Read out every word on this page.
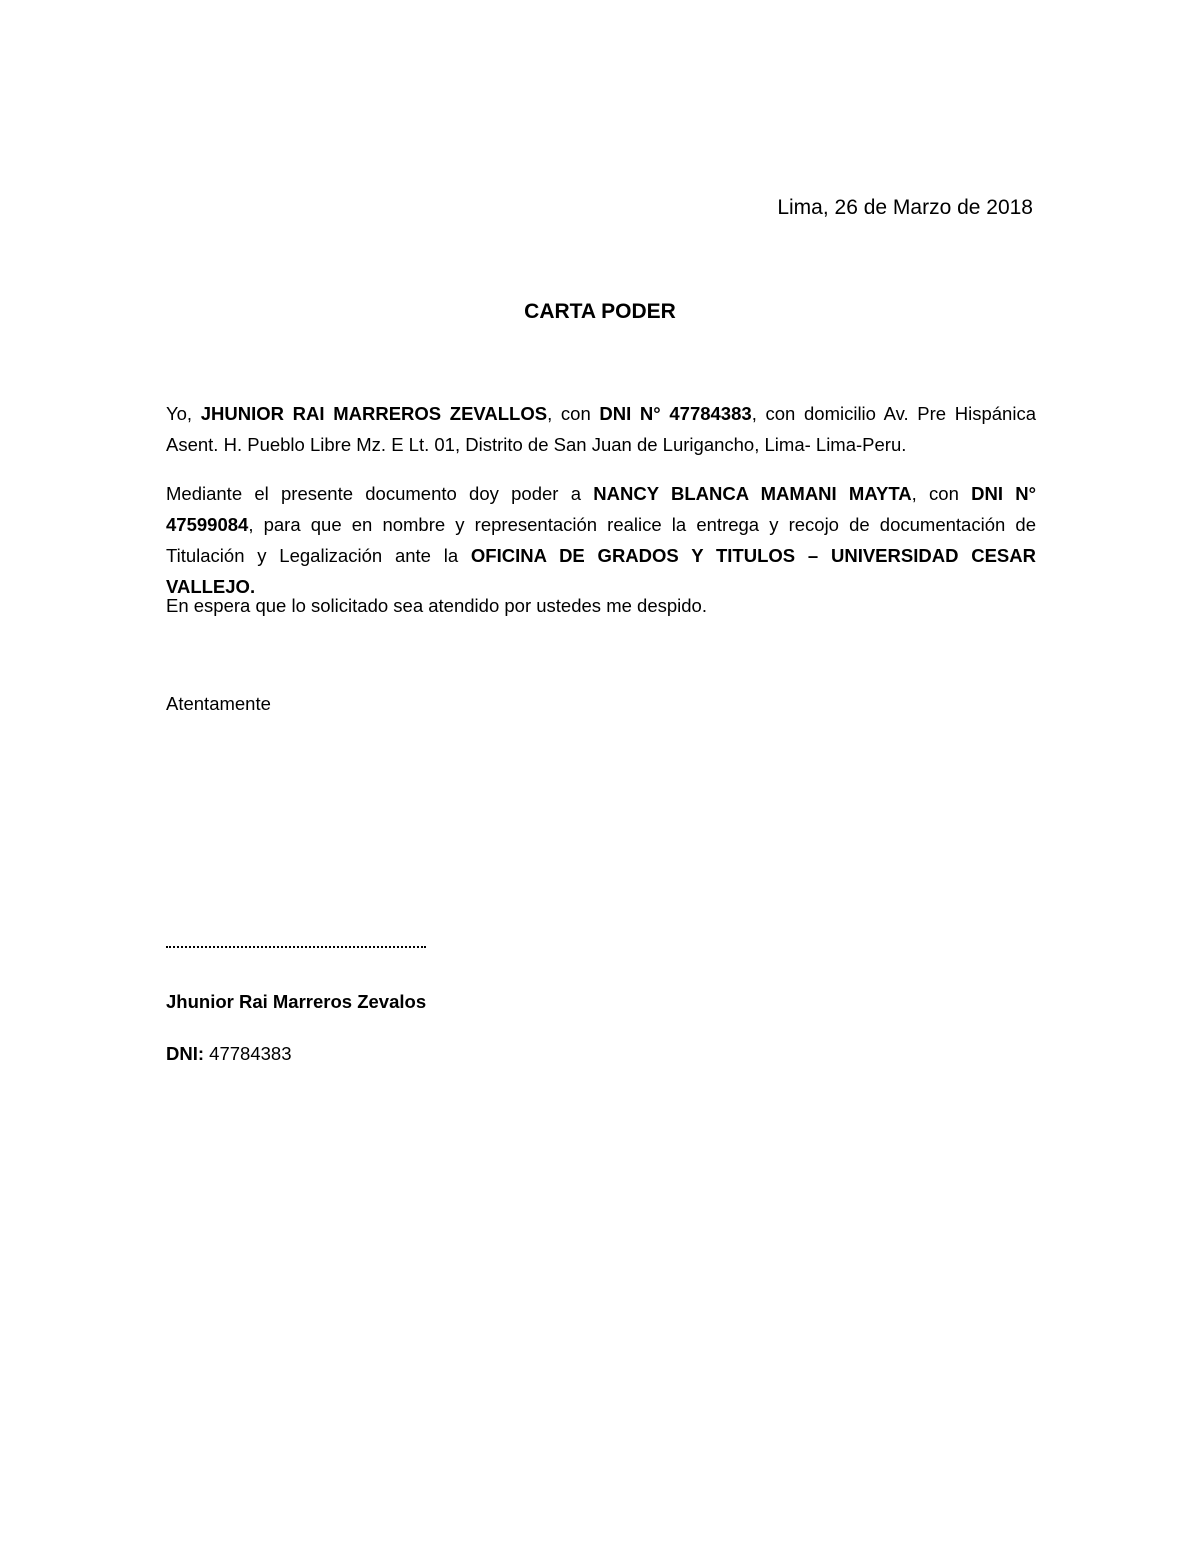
Lima, 26 de Marzo de 2018
CARTA PODER
Yo, JHUNIOR RAI MARREROS ZEVALLOS, con DNI N° 47784383, con domicilio Av. Pre Hispánica Asent. H. Pueblo Libre Mz. E Lt. 01, Distrito de San Juan de Lurigancho, Lima- Lima-Peru.
Mediante el presente documento doy poder a NANCY BLANCA MAMANI MAYTA, con DNI N° 47599084, para que en nombre y representación realice la entrega y recojo de documentación de Titulación y Legalización ante la OFICINA DE GRADOS Y TITULOS – UNIVERSIDAD CESAR VALLEJO.
En espera que lo solicitado sea atendido por ustedes me despido.
Atentamente
Jhunior Rai Marreros Zevalos
DNI: 47784383
